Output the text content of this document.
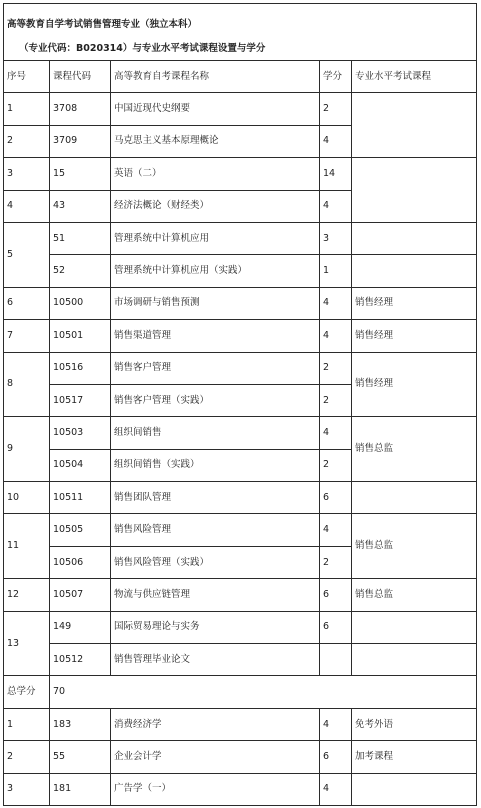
高等教育自学考试销售管理专业（独立本科）
（专业代码：B020314）与专业水平考试课程设置与学分				

序号	课程代码	高等教育自考课程名称	学分	专业水平考试课程
1	3708	中国近现代史纲要	2	
2	3709	马克思主义基本原理概论	4	
3	15	英语（二）	14	
4	43	经济法概论（财经类）	4	
5	51	管理系统中计算机应用	3	
	52	管理系统中计算机应用（实践）	1	
6	10500	市场调研与销售预测	4	销售经理
7	10501	销售渠道管理	4	销售经理
8	10516	销售客户管理	2	销售经理
	10517	销售客户管理（实践）	2	
9	10503	组织间销售	4	销售总监
	10504	组织间销售（实践）	2	
10	10511	销售团队管理	6	
11	10505	销售风险管理	4	销售总监
	10506	销售风险管理（实践）	2	
12	10507	物流与供应链管理	6	销售总监
13	149	国际贸易理论与实务	6	
	10512	销售管理毕业论文		
总学分	70			
1	183	消费经济学	4	免考外语
2	55	企业会计学	6	加考课程
3	181	广告学（一）	4	
